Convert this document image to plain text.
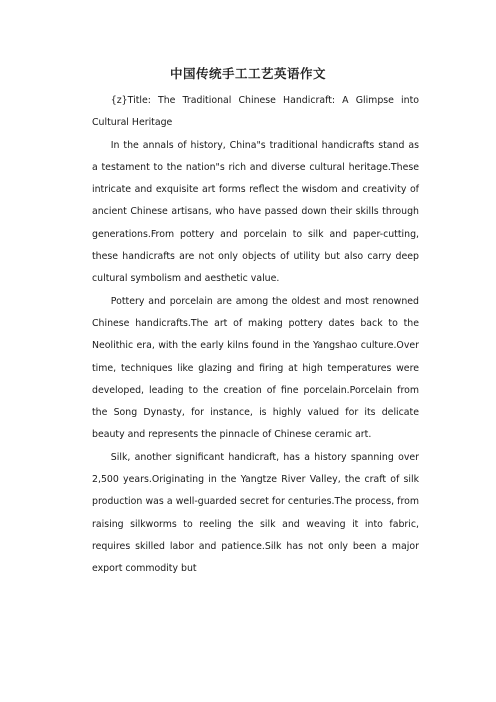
中国传统手工工艺英语作文

{z}Title: The Traditional Chinese Handicraft: A Glimpse into Cultural Heritage

In the annals of history, China"s traditional handicrafts stand as a testament to the nation"s rich and diverse cultural heritage.These intricate and exquisite art forms reflect the wisdom and creativity of ancient Chinese artisans, who have passed down their skills through generations.From pottery and porcelain to silk and paper-cutting, these handicrafts are not only objects of utility but also carry deep cultural symbolism and aesthetic value.

Pottery and porcelain are among the oldest and most renowned Chinese handicrafts.The art of making pottery dates back to the Neolithic era, with the early kilns found in the Yangshao culture.Over time, techniques like glazing and firing at high temperatures were developed, leading to the creation of fine porcelain.Porcelain from the Song Dynasty, for instance, is highly valued for its delicate beauty and represents the pinnacle of Chinese ceramic art.

Silk, another significant handicraft, has a history spanning over 2,500 years.Originating in the Yangtze River Valley, the craft of silk production was a well-guarded secret for centuries.The process, from raising silkworms to reeling the silk and weaving it into fabric, requires skilled labor and patience.Silk has not only been a major export commodity but
